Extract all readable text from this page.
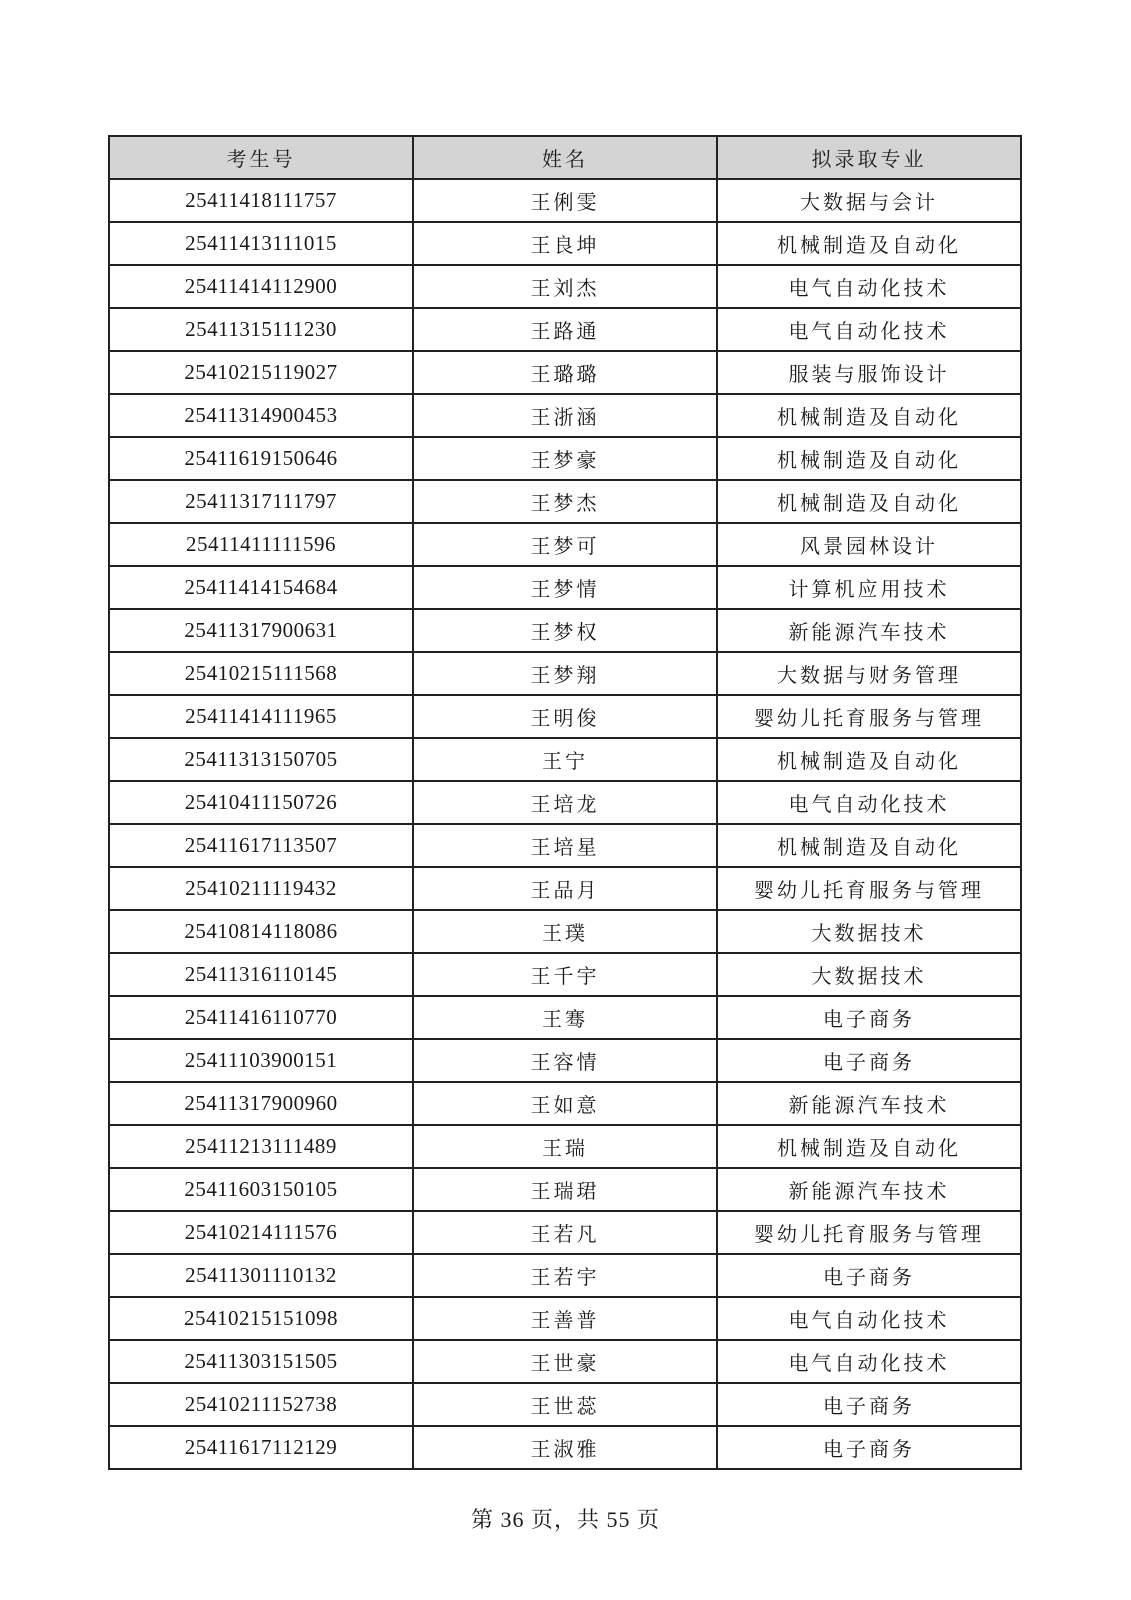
考生号	姓名	拟录取专业
25411418111757	王俐雯	大数据与会计
25411413111015	王良坤	机械制造及自动化
25411414112900	王刘杰	电气自动化技术
25411315111230	王路通	电气自动化技术
25410215119027	王璐璐	服装与服饰设计
25411314900453	王浙涵	机械制造及自动化
25411619150646	王梦豪	机械制造及自动化
25411317111797	王梦杰	机械制造及自动化
25411411111596	王梦可	风景园林设计
25411414154684	王梦情	计算机应用技术
25411317900631	王梦权	新能源汽车技术
25410215111568	王梦翔	大数据与财务管理
25411414111965	王明俊	婴幼儿托育服务与管理
25411313150705	王宁	机械制造及自动化
25410411150726	王培龙	电气自动化技术
25411617113507	王培星	机械制造及自动化
25410211119432	王品月	婴幼儿托育服务与管理
25410814118086	王璞	大数据技术
25411316110145	王千宇	大数据技术
25411416110770	王骞	电子商务
25411103900151	王容情	电子商务
25411317900960	王如意	新能源汽车技术
25411213111489	王瑞	机械制造及自动化
25411603150105	王瑞珺	新能源汽车技术
25410214111576	王若凡	婴幼儿托育服务与管理
25411301110132	王若宇	电子商务
25410215151098	王善普	电气自动化技术
25411303151505	王世豪	电气自动化技术
25410211152738	王世蕊	电子商务
25411617112129	王淑雅	电子商务
第 36 页，共 55 页
